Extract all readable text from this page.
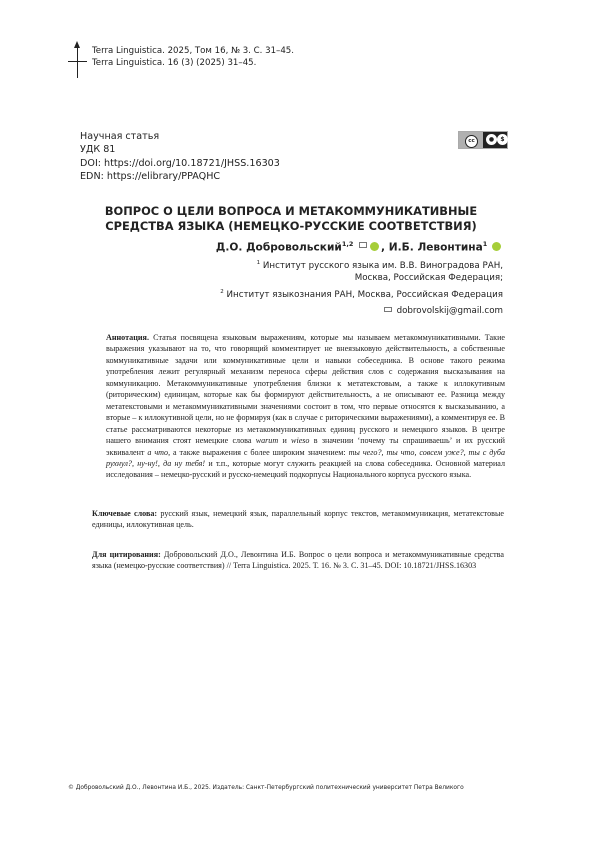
Terra Linguistica. 2025, Том 16, № 3. С. 31–45.
Terra Linguistica. 16 (3) (2025) 31–45.
Научная статья
УДК 81
DOI: https://doi.org/10.18721/JHSS.16303
EDN: https://elibrary/PPAQHC
cc	●	$
ВОПРОС О ЦЕЛИ ВОПРОСА И МЕТАКОММУНИКАТИВНЫЕ
СРЕДСТВА ЯЗЫКА (НЕМЕЦКО-РУССКИЕ СООТВЕТСТВИЯ)
Д.О. Добровольский$^{1,2}$	, И.Б. Левонтина$^1$
$^1$ Институт русского языка им. В.В. Виноградова РАН,
Москва, Российская Федерация;
$^2$ Институт языкознания РАН, Москва, Российская Федерация
dobrovolskij@gmail.com
Аннотация. Статья посвящена языковым выражениям, которые мы называем метакоммуникативными. Такие выражения указывают на то, что говорящий комментирует не внеязыковую действительность, а собственные коммуникативные задачи или коммуникативные цели и навыки собеседника. В основе такого режима употребления лежит регулярный механизм переноса сферы действия слов с содержания высказывания на коммуникацию. Метакоммуникативные употребления близки к метатекстовым, а также к иллокутивным (риторическим) единицам, которые как бы формируют действительность, а не описывают ее. Разница между метатекстовыми и метакоммуникативными значениями состоит в том, что первые относятся к высказыванию, а вторые – к иллокутивной цели, но не формируя (как в случае с риторическими выражениями), а комментируя ее. В статье рассматриваются некоторые из метакоммуникативных единиц русского и немецкого языков. В центре нашего внимания стоят немецкие слова warum и wieso в значении ‘почему ты спрашиваешь’ и их русский эквивалент а что, а также выражения с более широким значением: ты чего?, ты что, совсем уже?, ты с дуба рухнул?, ну-ну!, да ну тебя! и т.п., которые могут служить реакцией на слова собеседника. Основной материал исследования – немецко-русский и русско-немецкий подкорпусы Национального корпуса русского языка.
Ключевые слова: русский язык, немецкий язык, параллельный корпус текстов, метакоммуникация, метатекстовые единицы, иллокутивная цель.
Для цитирования: Добровольский Д.О., Левонтина И.Б. Вопрос о цели вопроса и метакоммуникативные средства языка (немецко-русские соответствия) // Terra Linguistica. 2025. Т. 16. № 3. С. 31–45. DOI: 10.18721/JHSS.16303
© Добровольский Д.О., Левонтина И.Б., 2025. Издатель: Санкт-Петербургский политехнический университет Петра Великого
